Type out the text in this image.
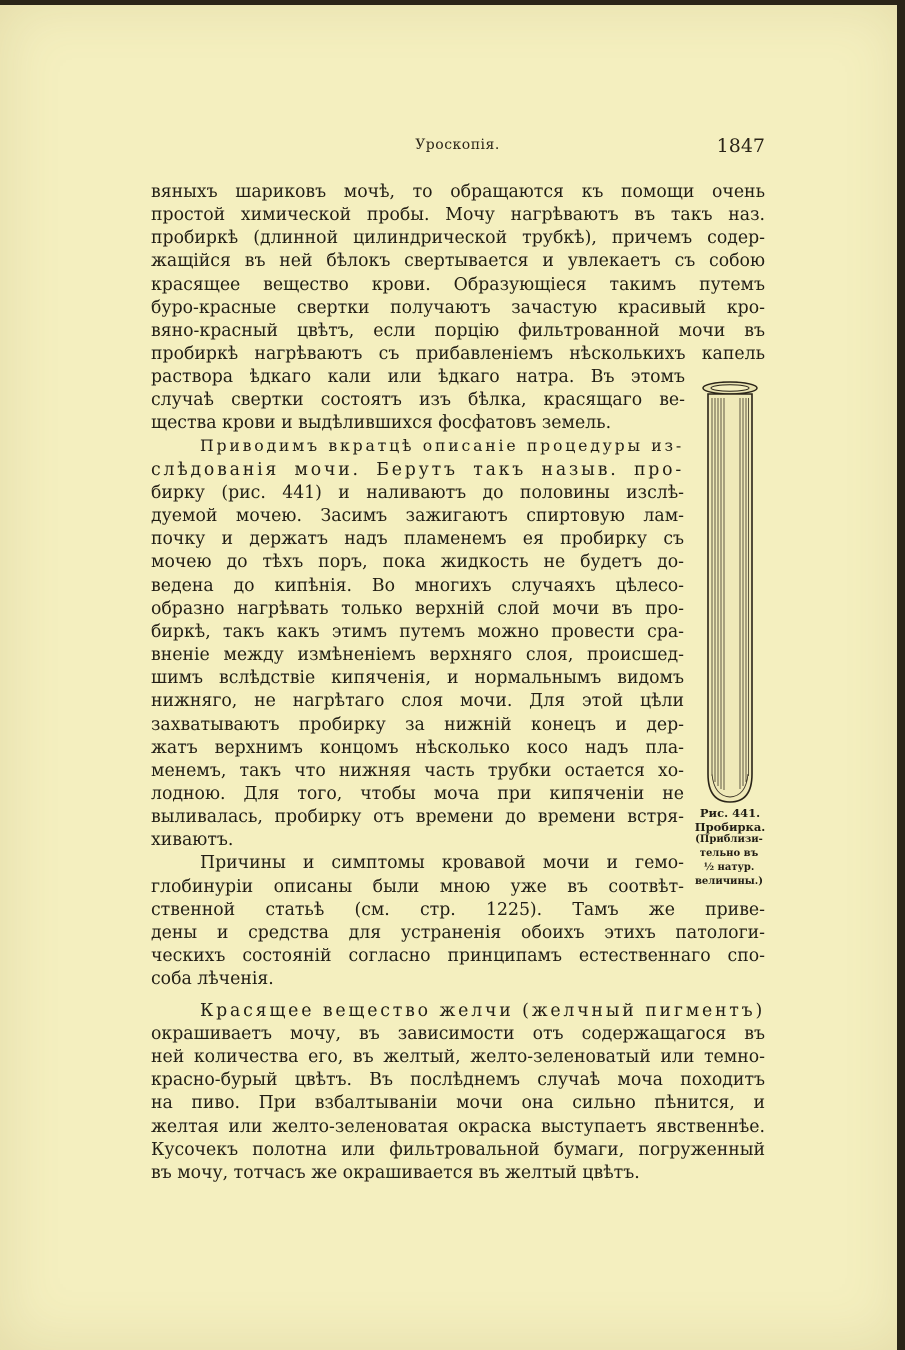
Уроскопія.	1847
вяныхъ шариковъ мочѣ, то обращаются къ помощи очень
простой химической пробы. Мочу нагрѣваютъ въ такъ наз.
пробиркѣ (длинной цилиндрической трубкѣ), причемъ содер-
жащійся въ ней бѣлокъ свертывается и увлекаетъ съ собою
красящее вещество крови. Образующіеся такимъ путемъ
буро-красные свертки получаютъ зачастую красивый кро-
вяно-красный цвѣтъ, если порцію фильтрованной мочи въ
пробиркѣ нагрѣваютъ съ прибавленіемъ нѣсколькихъ капель
раствора ѣдкаго кали или ѣдкаго натра. Въ этомъ
случаѣ свертки состоятъ изъ бѣлка, красящаго ве-
щества крови и выдѣлившихся фосфатовъ земель.
Приводимъ вкратцѣ описаніе процедуры из-
слѣдованія мочи. Берутъ такъ назыв. про-
бирку (рис. 441) и наливаютъ до половины изслѣ-
дуемой мочею. Засимъ зажигаютъ спиртовую лам-
почку и держатъ надъ пламенемъ ея пробирку съ
мочею до тѣхъ поръ, пока жидкость не будетъ до-
ведена до кипѣнія. Во многихъ случаяхъ цѣлесо-
образно нагрѣвать только верхній слой мочи въ про-
биркѣ, такъ какъ этимъ путемъ можно провести сра-
вненіе между измѣненіемъ верхняго слоя, происшед-
шимъ вслѣдствіе кипяченія, и нормальнымъ видомъ
нижняго, не нагрѣтаго слоя мочи. Для этой цѣли
захватываютъ пробирку за нижній конецъ и дер-
жатъ верхнимъ концомъ нѣсколько косо надъ пла-
менемъ, такъ что нижняя часть трубки остается хо-
лодною. Для того, чтобы моча при кипяченіи не
выливалась, пробирку отъ времени до времени встря-
хиваютъ.
Причины и симптомы кровавой мочи и гемо-
глобинуріи описаны были мною уже въ соотвѣт-
ственной статьѣ (см. стр. 1225). Тамъ же приве-
дены и средства для устраненія обоихъ этихъ патологи-
ческихъ состояній согласно принципамъ естественнаго спо-
соба лѣченія.
Красящее вещество желчи (желчный пигментъ)
окрашиваетъ мочу, въ зависимости отъ содержащагося въ
ней количества его, въ желтый, желто-зеленоватый или темно-
красно-бурый цвѣтъ. Въ послѣднемъ случаѣ моча походитъ
на пиво. При взбалтываніи мочи она сильно пѣнится, и
желтая или желто-зеленоватая окраска выступаетъ явственнѣе.
Кусочекъ полотна или фильтровальной бумаги, погруженный
въ мочу, тотчасъ же окрашивается въ желтый цвѣтъ.
Рис. 441.
Пробирка.
(Приблизи-
тельно въ
½ натур.
величины.)
